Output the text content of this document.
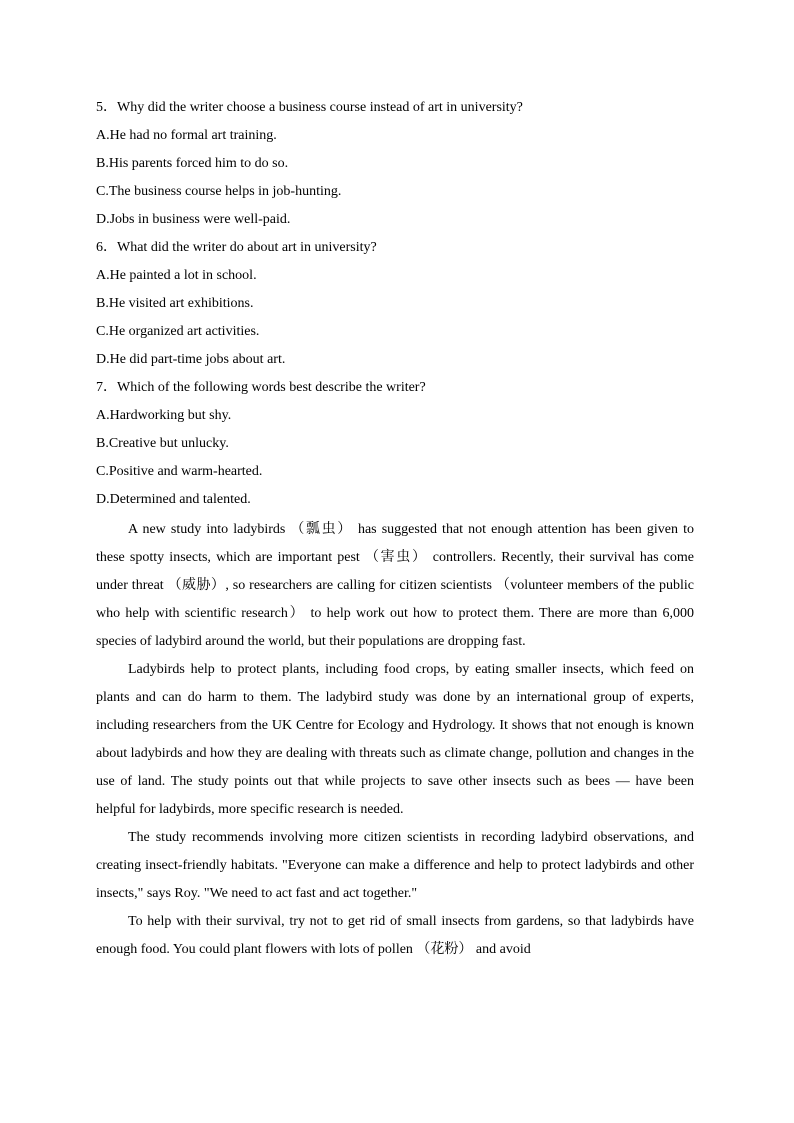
5．Why did the writer choose a business course instead of art in university?

A.He had no formal art training.

B.His parents forced him to do so.

C.The business course helps in job-hunting.

D.Jobs in business were well-paid.

6．What did the writer do about art in university?

A.He painted a lot in school.

B.He visited art exhibitions.

C.He organized art activities.

D.He did part-time jobs about art.

7．Which of the following words best describe the writer?

A.Hardworking but shy.

B.Creative but unlucky.

C.Positive and warm-hearted.

D.Determined and talented.

A new study into ladybirds （瓢虫） has suggested that not enough attention has been given to these spotty insects, which are important pest （害虫） controllers. Recently, their survival has come under threat （威胁）, so researchers are calling for citizen scientists （volunteer members of the public who help with scientific research） to help work out how to protect them. There are more than 6,000 species of ladybird around the world, but their populations are dropping fast.

Ladybirds help to protect plants, including food crops, by eating smaller insects, which feed on plants and can do harm to them. The ladybird study was done by an international group of experts, including researchers from the UK Centre for Ecology and Hydrology. It shows that not enough is known about ladybirds and how they are dealing with threats such as climate change, pollution and changes in the use of land. The study points out that while projects to save other insects such as bees — have been helpful for ladybirds, more specific research is needed.

The study recommends involving more citizen scientists in recording ladybird observations, and creating insect-friendly habitats. "Everyone can make a difference and help to protect ladybirds and other insects," says Roy. "We need to act fast and act together."

To help with their survival, try not to get rid of small insects from gardens, so that ladybirds have enough food. You could plant flowers with lots of pollen （花粉） and avoid
